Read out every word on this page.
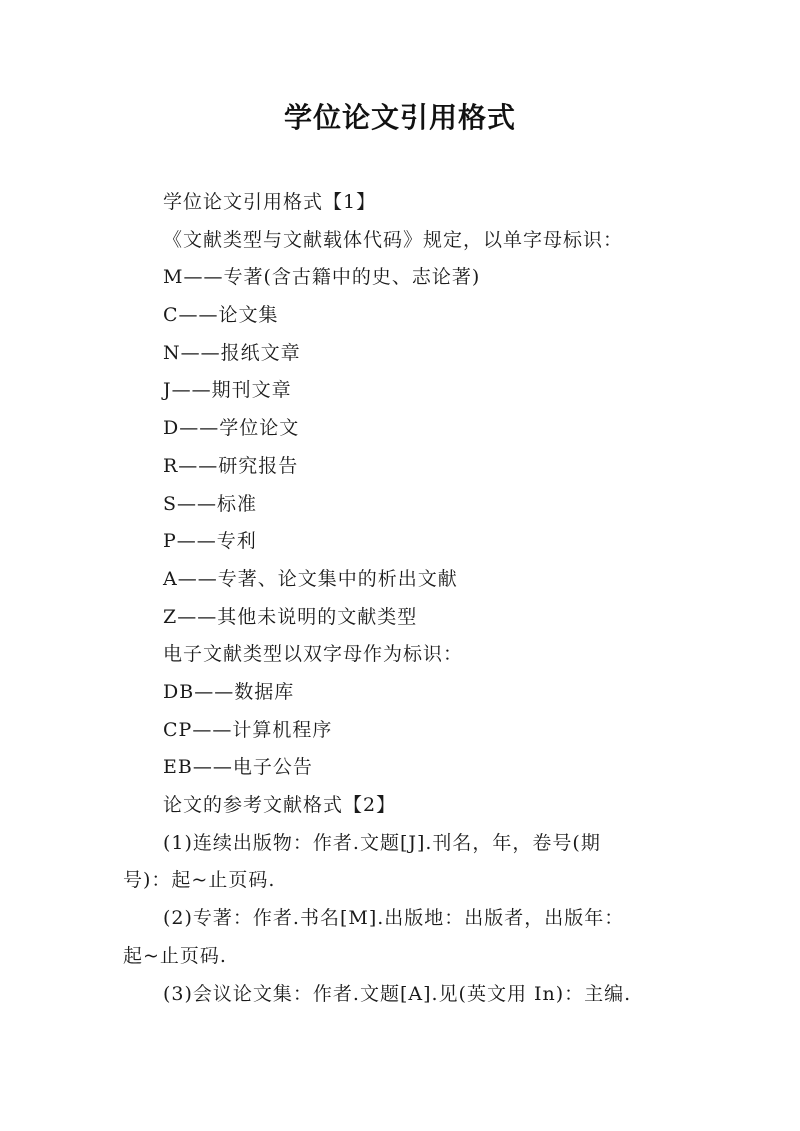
学位论文引用格式
学位论文引用格式【1】
《文献类型与文献载体代码》规定，以单字母标识：
M——专著(含古籍中的史、志论著)
C——论文集
N——报纸文章
J——期刊文章
D——学位论文
R——研究报告
S——标准
P——专利
A——专著、论文集中的析出文献
Z——其他未说明的文献类型
电子文献类型以双字母作为标识：
DB——数据库
CP——计算机程序
EB——电子公告
论文的参考文献格式【2】
(1)连续出版物：作者.文题[J].刊名，年，卷号(期号)：起~止页码.
(2)专著：作者.书名[M].出版地：出版者，出版年：起~止页码.
(3)会议论文集：作者.文题[A].见(英文用 In)：主编.
